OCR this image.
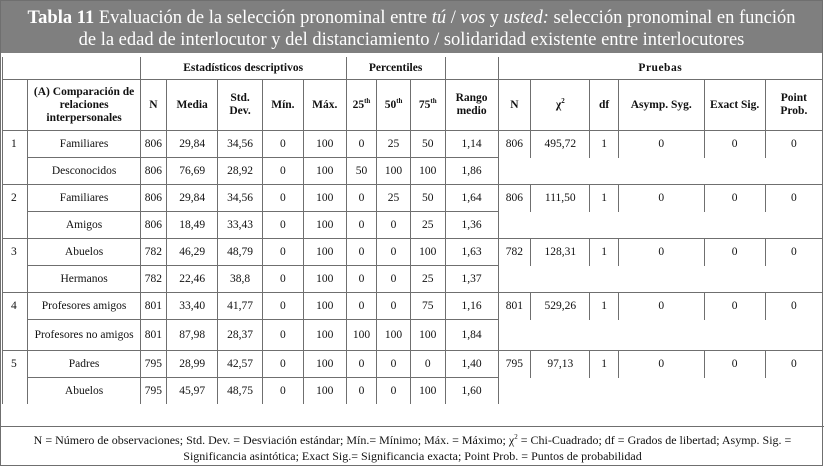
Tabla 11 Evaluación de la selección pronominal entre tú / vos y usted: selección pronominal en función
de la edad de interlocutor y del distanciamiento / solidaridad existente entre interlocutores
		Estadísticos descriptivos					Percentiles				Pruebas					
	(A) Comparación de relaciones interpersonales	N	Media	Std. Dev.	Mín.	Máx.	25th	50th	75th	Rango medio	N	$\chi^2$	df	Asymp. Syg.	Exact Sig.	Point Prob.
1	Familiares	806	29,84	34,56	0	100	0	25	50	1,14	806	495,72	1	0	0	0
	Desconocidos	806	76,69	28,92	0	100	50	100	100	1,86						
2	Familiares	806	29,84	34,56	0	100	0	25	50	1,64	806	111,50	1	0	0	0
	Amigos	806	18,49	33,43	0	100	0	0	25	1,36						
3	Abuelos	782	46,29	48,79	0	100	0	0	100	1,63	782	128,31	1	0	0	0
	Hermanos	782	22,46	38,8	0	100	0	0	25	1,37						
4	Profesores amigos	801	33,40	41,77	0	100	0	0	75	1,16	801	529,26	1	0	0	0
	Profesores no amigos	801	87,98	28,37	0	100	100	100	100	1,84						
5	Padres	795	28,99	42,57	0	100	0	0	0	1,40	795	97,13	1	0	0	0
	Abuelos	795	45,97	48,75	0	100	0	0	100	1,60						
N = Número de observaciones; Std. Dev. = Desviación estándar; Mín.= Mínimo; Máx. = Máximo; $\chi^2$ = Chi-Cuadrado; df = Grados de libertad; Asymp. Sig. =
Significancia asintótica; Exact Sig.= Significancia exacta; Point Prob. = Puntos de probabilidad
